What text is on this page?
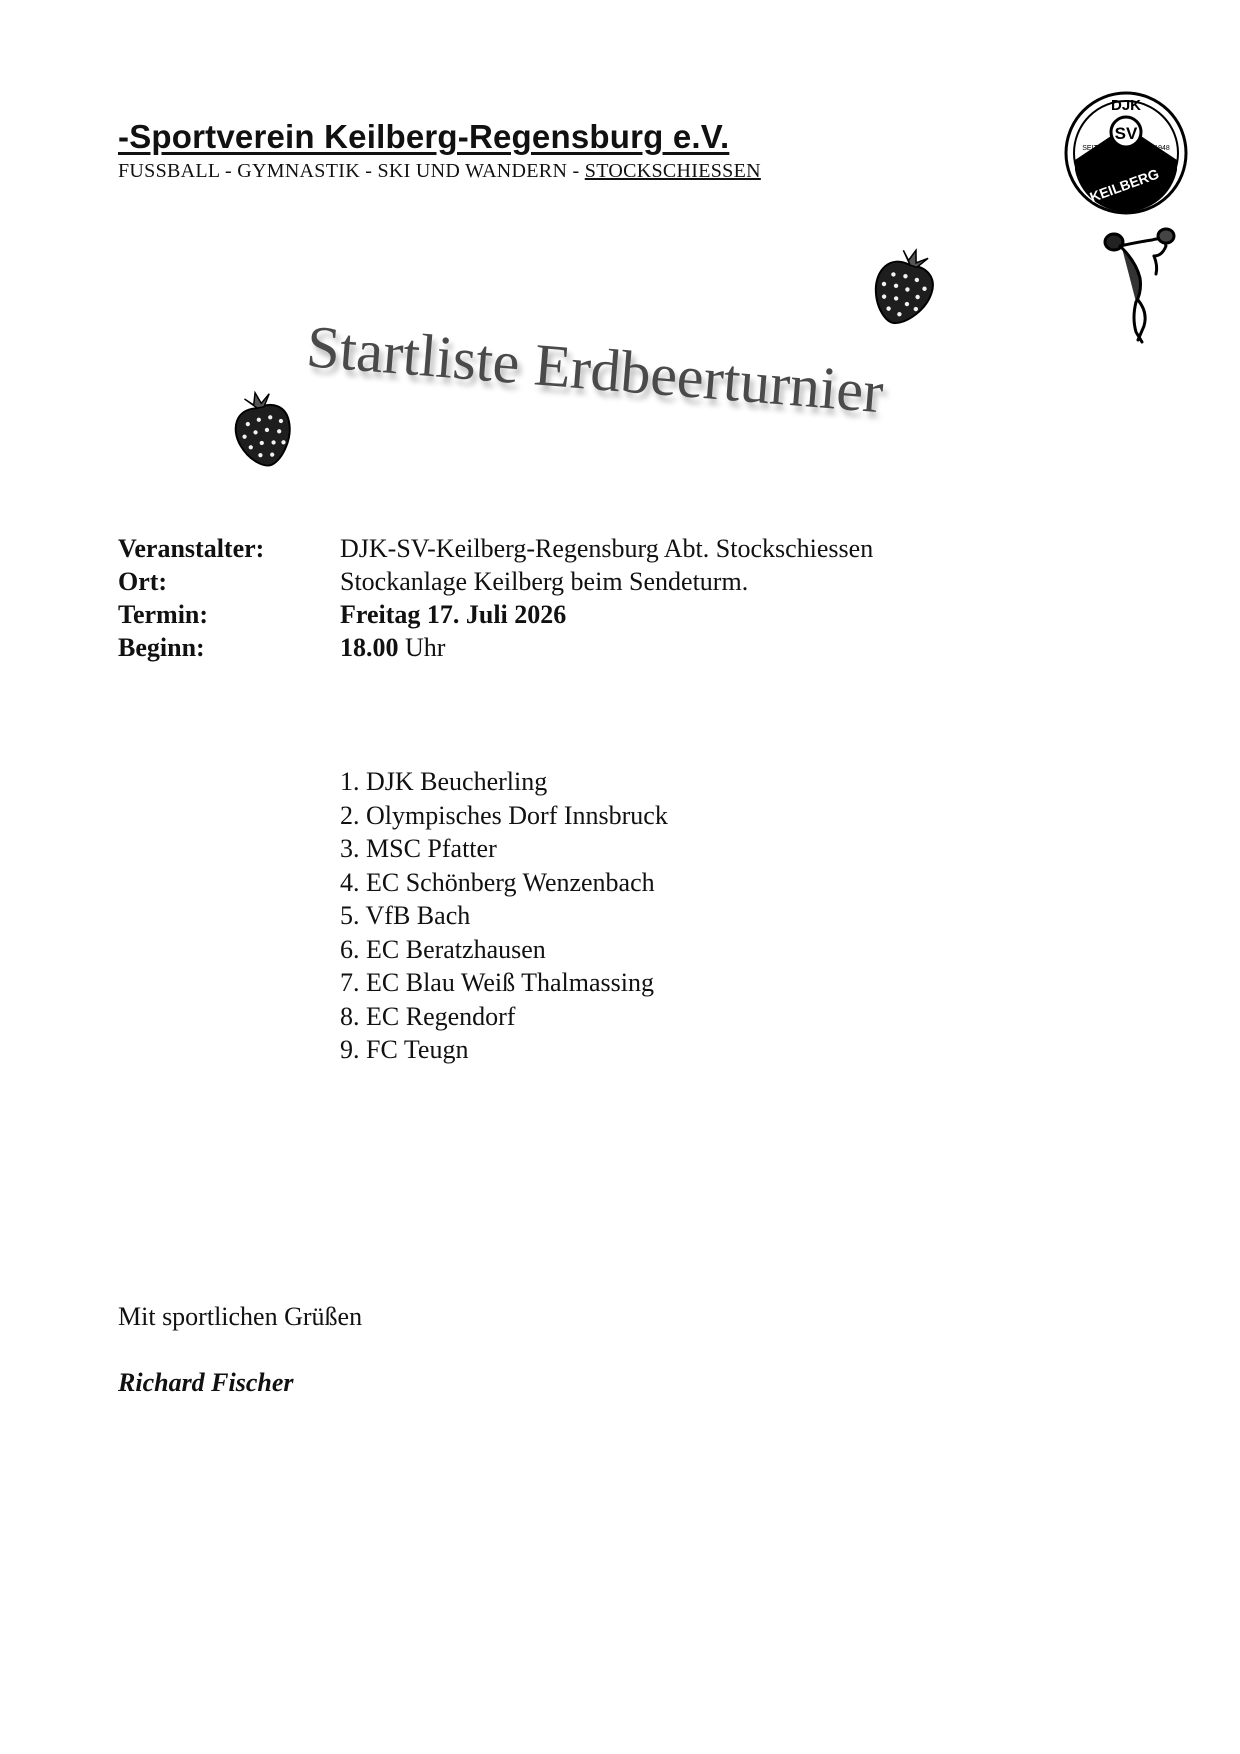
-Sportverein Keilberg-Regensburg e.V.
FUSSBALL - GYMNASTIK - SKI UND WANDERN - STOCKSCHIESSEN
SV
DJK
SEIT	1948
KEILBERG
Startliste Erdbeerturnier
Veranstalter:	DJK-SV-Keilberg-Regensburg Abt. Stockschiessen
Ort:	Stockanlage Keilberg beim Sendeturm.
Termin:	Freitag 17. Juli 2026
Beginn:	18.00 Uhr
1. DJK Beucherling
2. Olympisches Dorf Innsbruck
3. MSC Pfatter
4. EC Schönberg Wenzenbach
5. VfB Bach
6. EC Beratzhausen
7. EC Blau Weiß Thalmassing
8. EC Regendorf
9. FC Teugn
Mit sportlichen Grüßen
Richard Fischer
